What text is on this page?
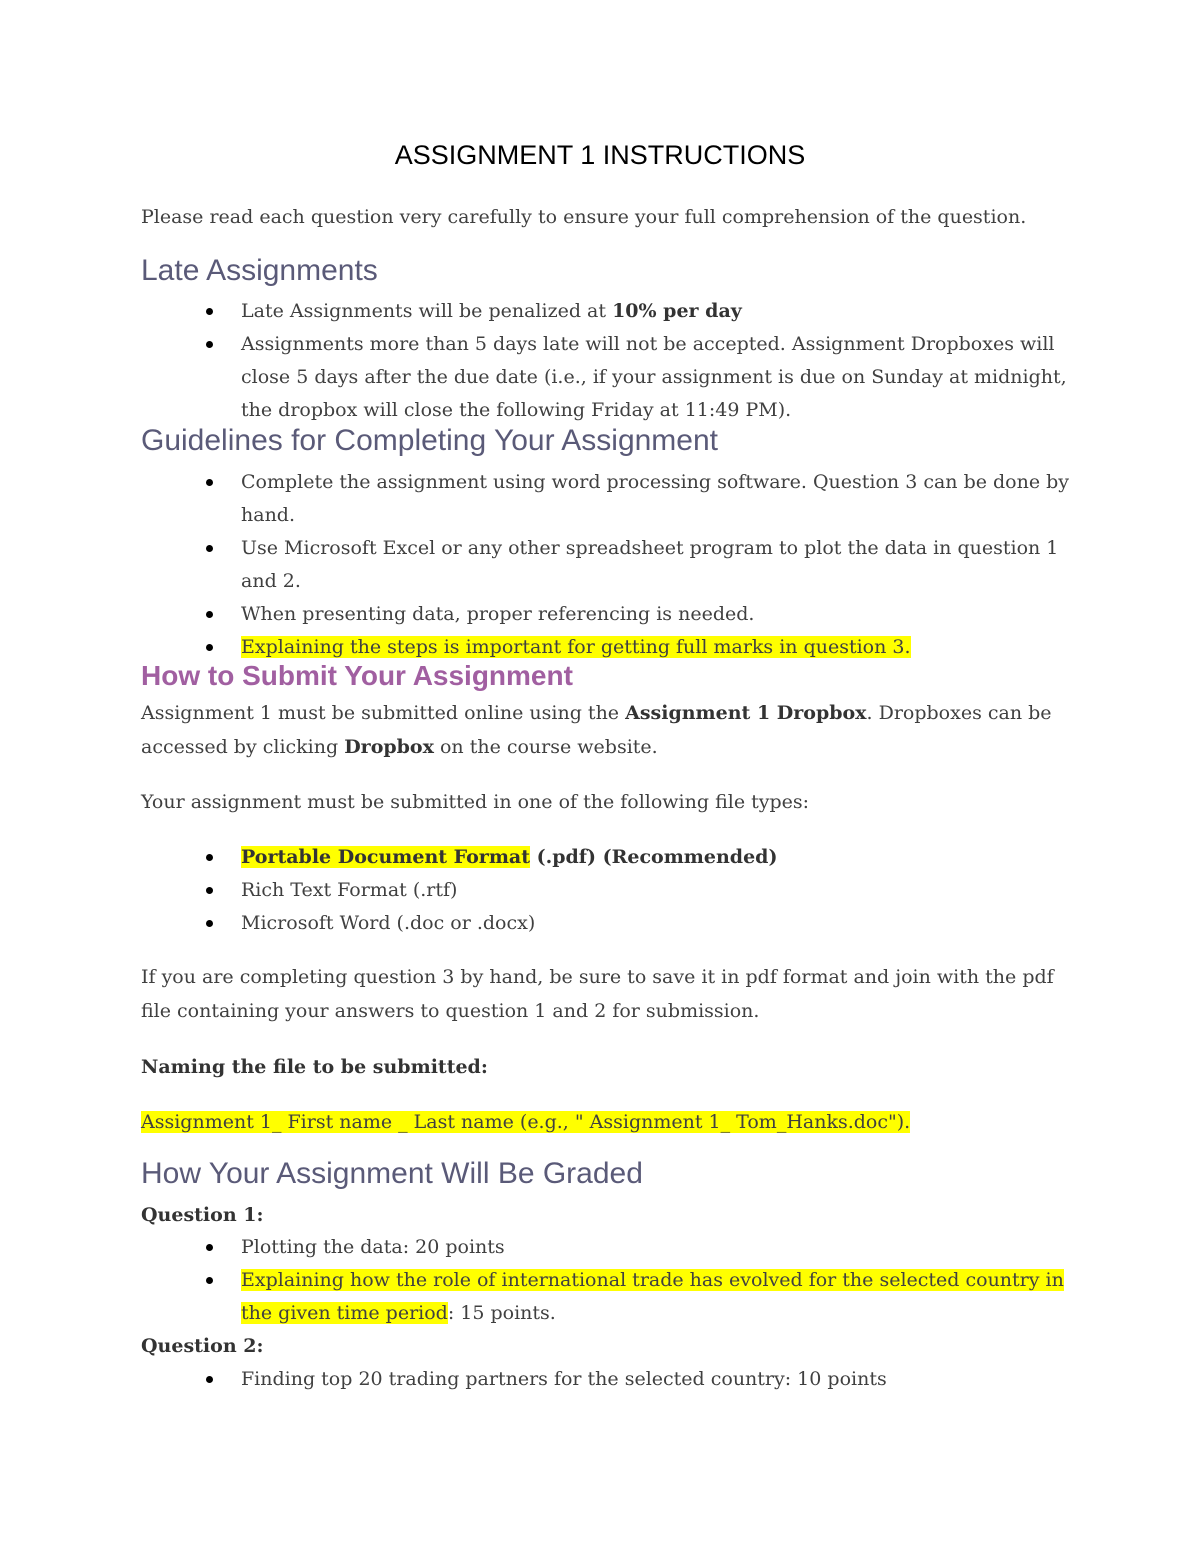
ASSIGNMENT 1 INSTRUCTIONS
Please read each question very carefully to ensure your full comprehension of the question.
Late Assignments
Late Assignments will be penalized at 10% per day
Assignments more than 5 days late will not be accepted. Assignment Dropboxes will close 5 days after the due date (i.e., if your assignment is due on Sunday at midnight, the dropbox will close the following Friday at 11:49 PM).
Guidelines for Completing Your Assignment
Complete the assignment using word processing software. Question 3 can be done by hand.
Use Microsoft Excel or any other spreadsheet program to plot the data in question 1 and 2.
When presenting data, proper referencing is needed.
Explaining the steps is important for getting full marks in question 3.
How to Submit Your Assignment
Assignment 1 must be submitted online using the Assignment 1 Dropbox. Dropboxes can be
accessed by clicking Dropbox on the course website.
Your assignment must be submitted in one of the following file types:
Portable Document Format (.pdf) (Recommended)
Rich Text Format (.rtf)
Microsoft Word (.doc or .docx)
If you are completing question 3 by hand, be sure to save it in pdf format and join with the pdf
file containing your answers to question 1 and 2 for submission.
Naming the file to be submitted:
Assignment 1_ First name _ Last name (e.g., " Assignment 1_ Tom_Hanks.doc").
How Your Assignment Will Be Graded
Question 1:
Plotting the data: 20 points
Explaining how the role of international trade has evolved for the selected country in the given time period: 15 points.
Question 2:
Finding top 20 trading partners for the selected country: 10 points
